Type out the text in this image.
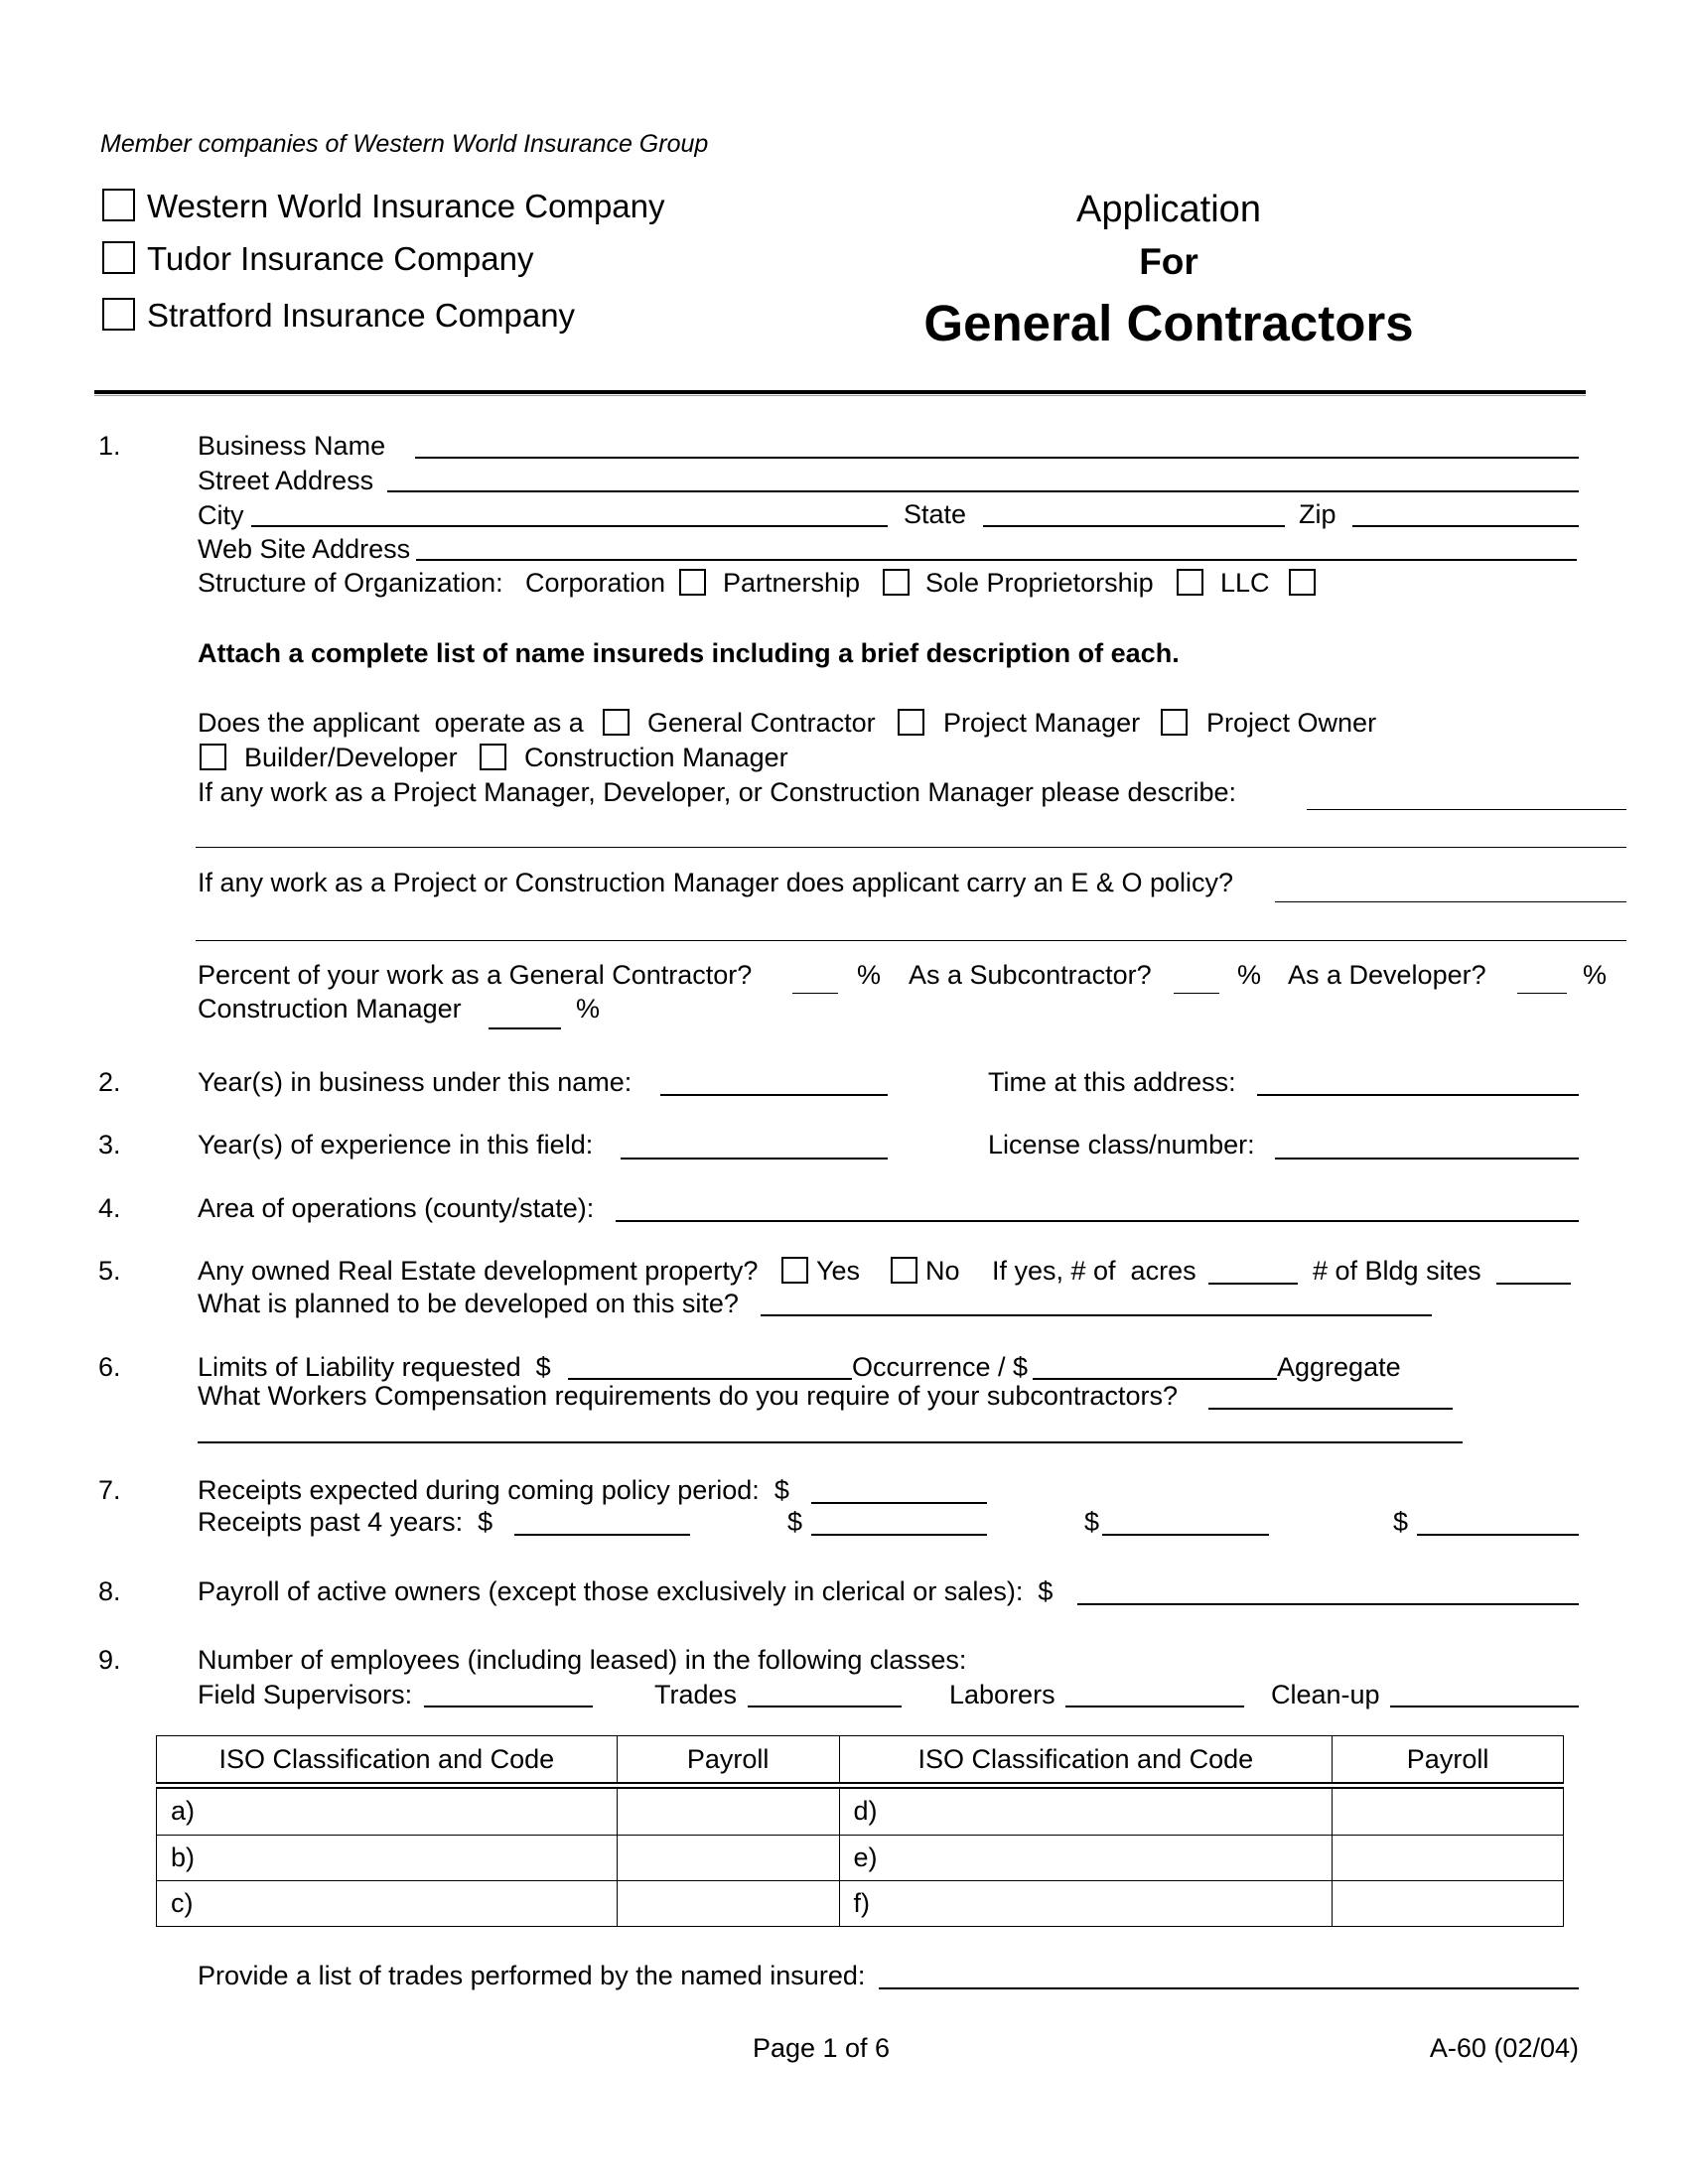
Member companies of Western World Insurance Group
Western World Insurance Company
Tudor Insurance Company
Stratford Insurance Company
Application
For
General Contractors
1.	Business Name
Street Address
City	State	Zip
Web Site Address
Structure of Organization: Corporation Partnership Sole Proprietorship LLC
Attach a complete list of name insureds including a brief description of each.
Does the applicant  operate as a General Contractor	Project Manager Project Owner
Builder/Developer Construction Manager
If any work as a Project Manager, Developer, or Construction Manager please describe:
If any work as a Project or Construction Manager does applicant carry an E & O policy?
Percent of your work as a General Contractor?	% As a Subcontractor?	% As a Developer?	%
Construction Manager	%
2.	Year(s) in business under this name:	Time at this address:
3.	Year(s) of experience in this field:	License class/number:
4.	Area of operations (county/state):
5.	Any owned Real Estate development property? Yes No If yes, # of  acres	# of Bldg sites
What is planned to be developed on this site?
6.	Limits of Liability requested  $	Occurrence / $	Aggregate
What Workers Compensation requirements do you require of your subcontractors?
7.	Receipts expected during coming policy period:  $
Receipts past 4 years:  $	$	$	$
8.	Payroll of active owners (except those exclusively in clerical or sales):  $
9.	Number of employees (including leased) in the following classes:
Field Supervisors:	Trades	Laborers	Clean-up
ISO Classification and Code	Payroll	ISO Classification and Code	Payroll
a)		d)	
b)		e)	
c)		f)	
Provide a list of trades performed by the named insured:
Page 1 of 6	A-60 (02/04)
